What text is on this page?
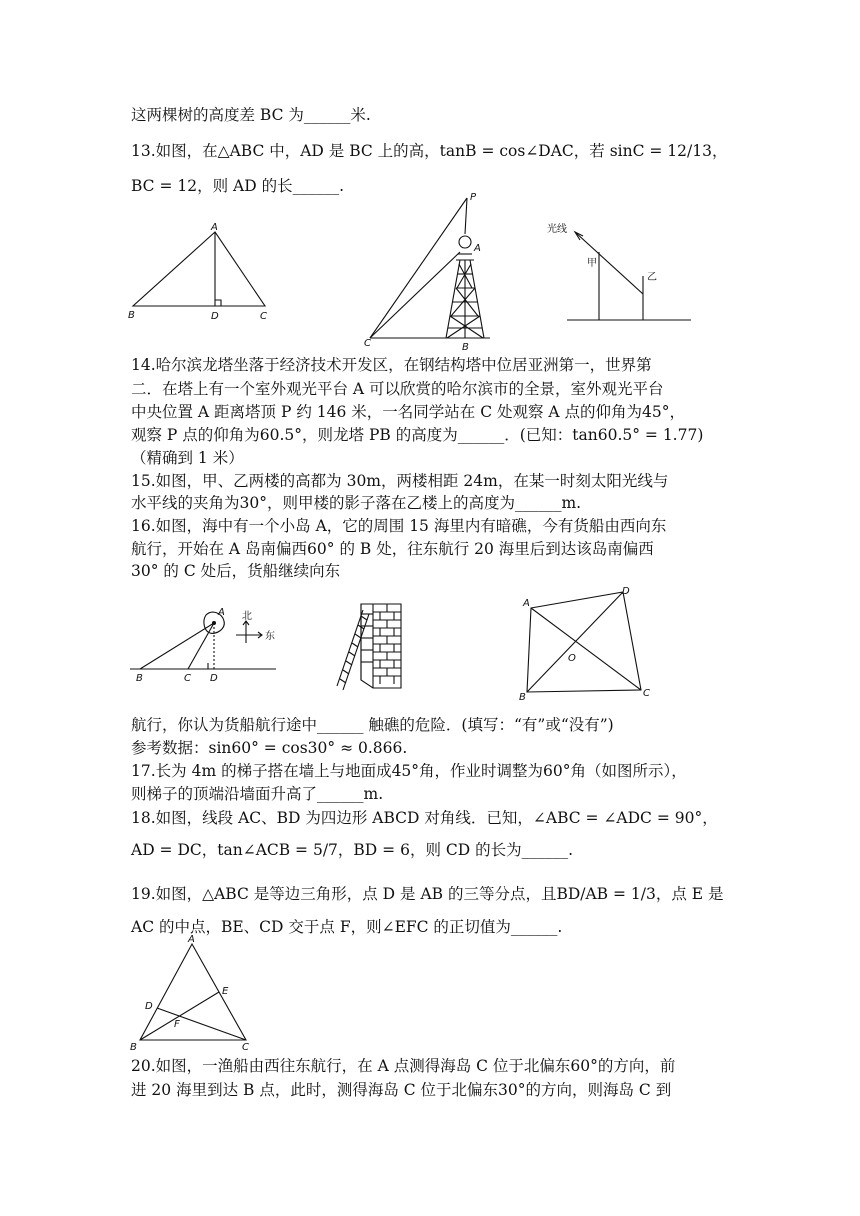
这两棵树的高度差 BC 为______米.
13.如图，在△ABC 中，AD 是 BC 上的高，tanB = cos∠DAC，若 sinC = 12/13，
BC = 12，则 AD 的长______.
14.哈尔滨龙塔坐落于经济技术开发区，在钢结构塔中位居亚洲第一，世界第
二．在塔上有一个室外观光平台 A 可以欣赏的哈尔滨市的全景，室外观光平台
中央位置 A 距离塔顶 P 约 146 米，一名同学站在 C 处观察 A 点的仰角为45°，
观察 P 点的仰角为60.5°，则龙塔 PB 的高度为______．(已知：tan60.5° = 1.77)
（精确到 1 米）
15.如图，甲、乙两楼的高都为 30m，两楼相距 24m，在某一时刻太阳光线与
水平线的夹角为30°，则甲楼的影子落在乙楼上的高度为______m.
16.如图，海中有一个小岛 A，它的周围 15 海里内有暗礁，今有货船由西向东
航行，开始在 A 岛南偏西60° 的 B 处，往东航行 20 海里后到达该岛南偏西
30° 的 C 处后，货船继续向东
航行，你认为货船航行途中______ 触礁的危险．(填写：“有”或“没有”)
参考数据：sin60° = cos30° ≈ 0.866.
17.长为 4m 的梯子搭在墙上与地面成45°角，作业时调整为60°角（如图所示），
则梯子的顶端沿墙面升高了______m.
18.如图，线段 AC、BD 为四边形 ABCD 对角线．已知，∠ABC = ∠ADC = 90°，
AD = DC，tan∠ACB = 5/7，BD = 6，则 CD 的长为______.
19.如图，△ABC 是等边三角形，点 D 是 AB 的三等分点，且BD/AB = 1/3，点 E 是
AC 的中点，BE、CD 交于点 F，则∠EFC 的正切值为______.
20.如图，一渔船由西往东航行，在 A 点测得海岛 C 位于北偏东60°的方向，前
进 20 海里到达 B 点，此时，测得海岛 C 位于北偏东30°的方向，则海岛 C 到
A
B	D	C
P
A
C	B
光线
甲
乙
A 北
东
B	C D
A
D
O
B	C
A
D
E
F
B	C
